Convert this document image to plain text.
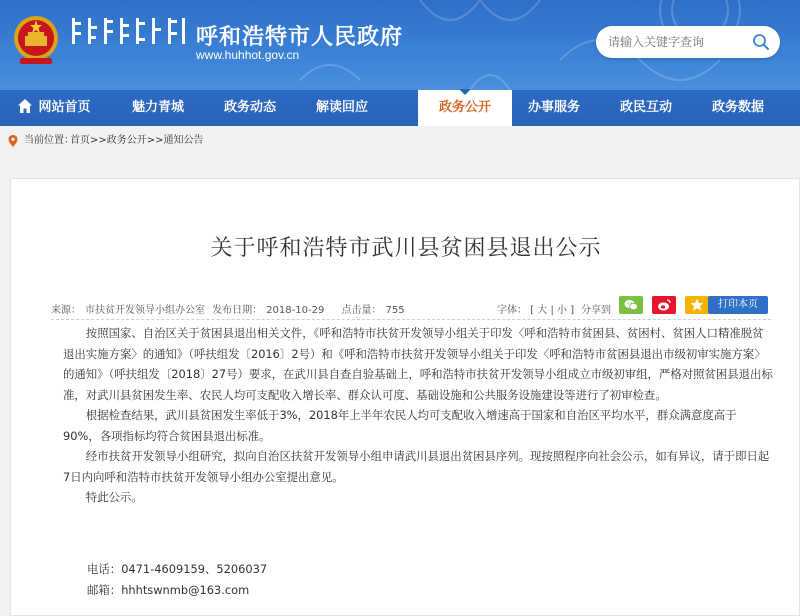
呼和浩特市人民政府
www.huhhot.gov.cn
请输入关键字查询
网站首页	魅力青城	政务动态	解读回应	政务公开	办事服务	政民互动	政务数据
当前位置：
首页>>政务公开>>通知公告
关于呼和浩特市武川县贫困县退出公示
来源： 市扶贫开发领导小组办公室 发布日期： 2018-10-29 点击量： 755	字体： [ 大 | 小 ] 分享到
打印本页

按照国家、自治区关于贫困县退出相关文件，《呼和浩特市扶贫开发领导小组关于印发〈呼和浩特市贫困县、贫困村、贫困人口精准脱贫退出实施方案〉的通知》（呼扶组发〔2016〕2号）和《呼和浩特市扶贫开发领导小组关于印发〈呼和浩特市贫困县退出市级初审实施方案〉的通知》（呼扶组发〔2018〕27号）要求，在武川县自查自验基础上，呼和浩特市扶贫开发领导小组成立市级初审组，严格对照贫困县退出标准，对武川县贫困发生率、农民人均可支配收入增长率、群众认可度、基础设施和公共服务设施建设等进行了初审检查。

根据检查结果，武川县贫困发生率低于3%，2018年上半年农民人均可支配收入增速高于国家和自治区平均水平，群众满意度高于90%，各项指标均符合贫困县退出标准。

经市扶贫开发领导小组研究，拟向自治区扶贫开发领导小组申请武川县退出贫困县序列。现按照程序向社会公示，如有异议，请于即日起7日内向呼和浩特市扶贫开发领导小组办公室提出意见。

特此公示。

电话：0471-4609159、5206037
邮箱：hhhtswnmb@163.com
